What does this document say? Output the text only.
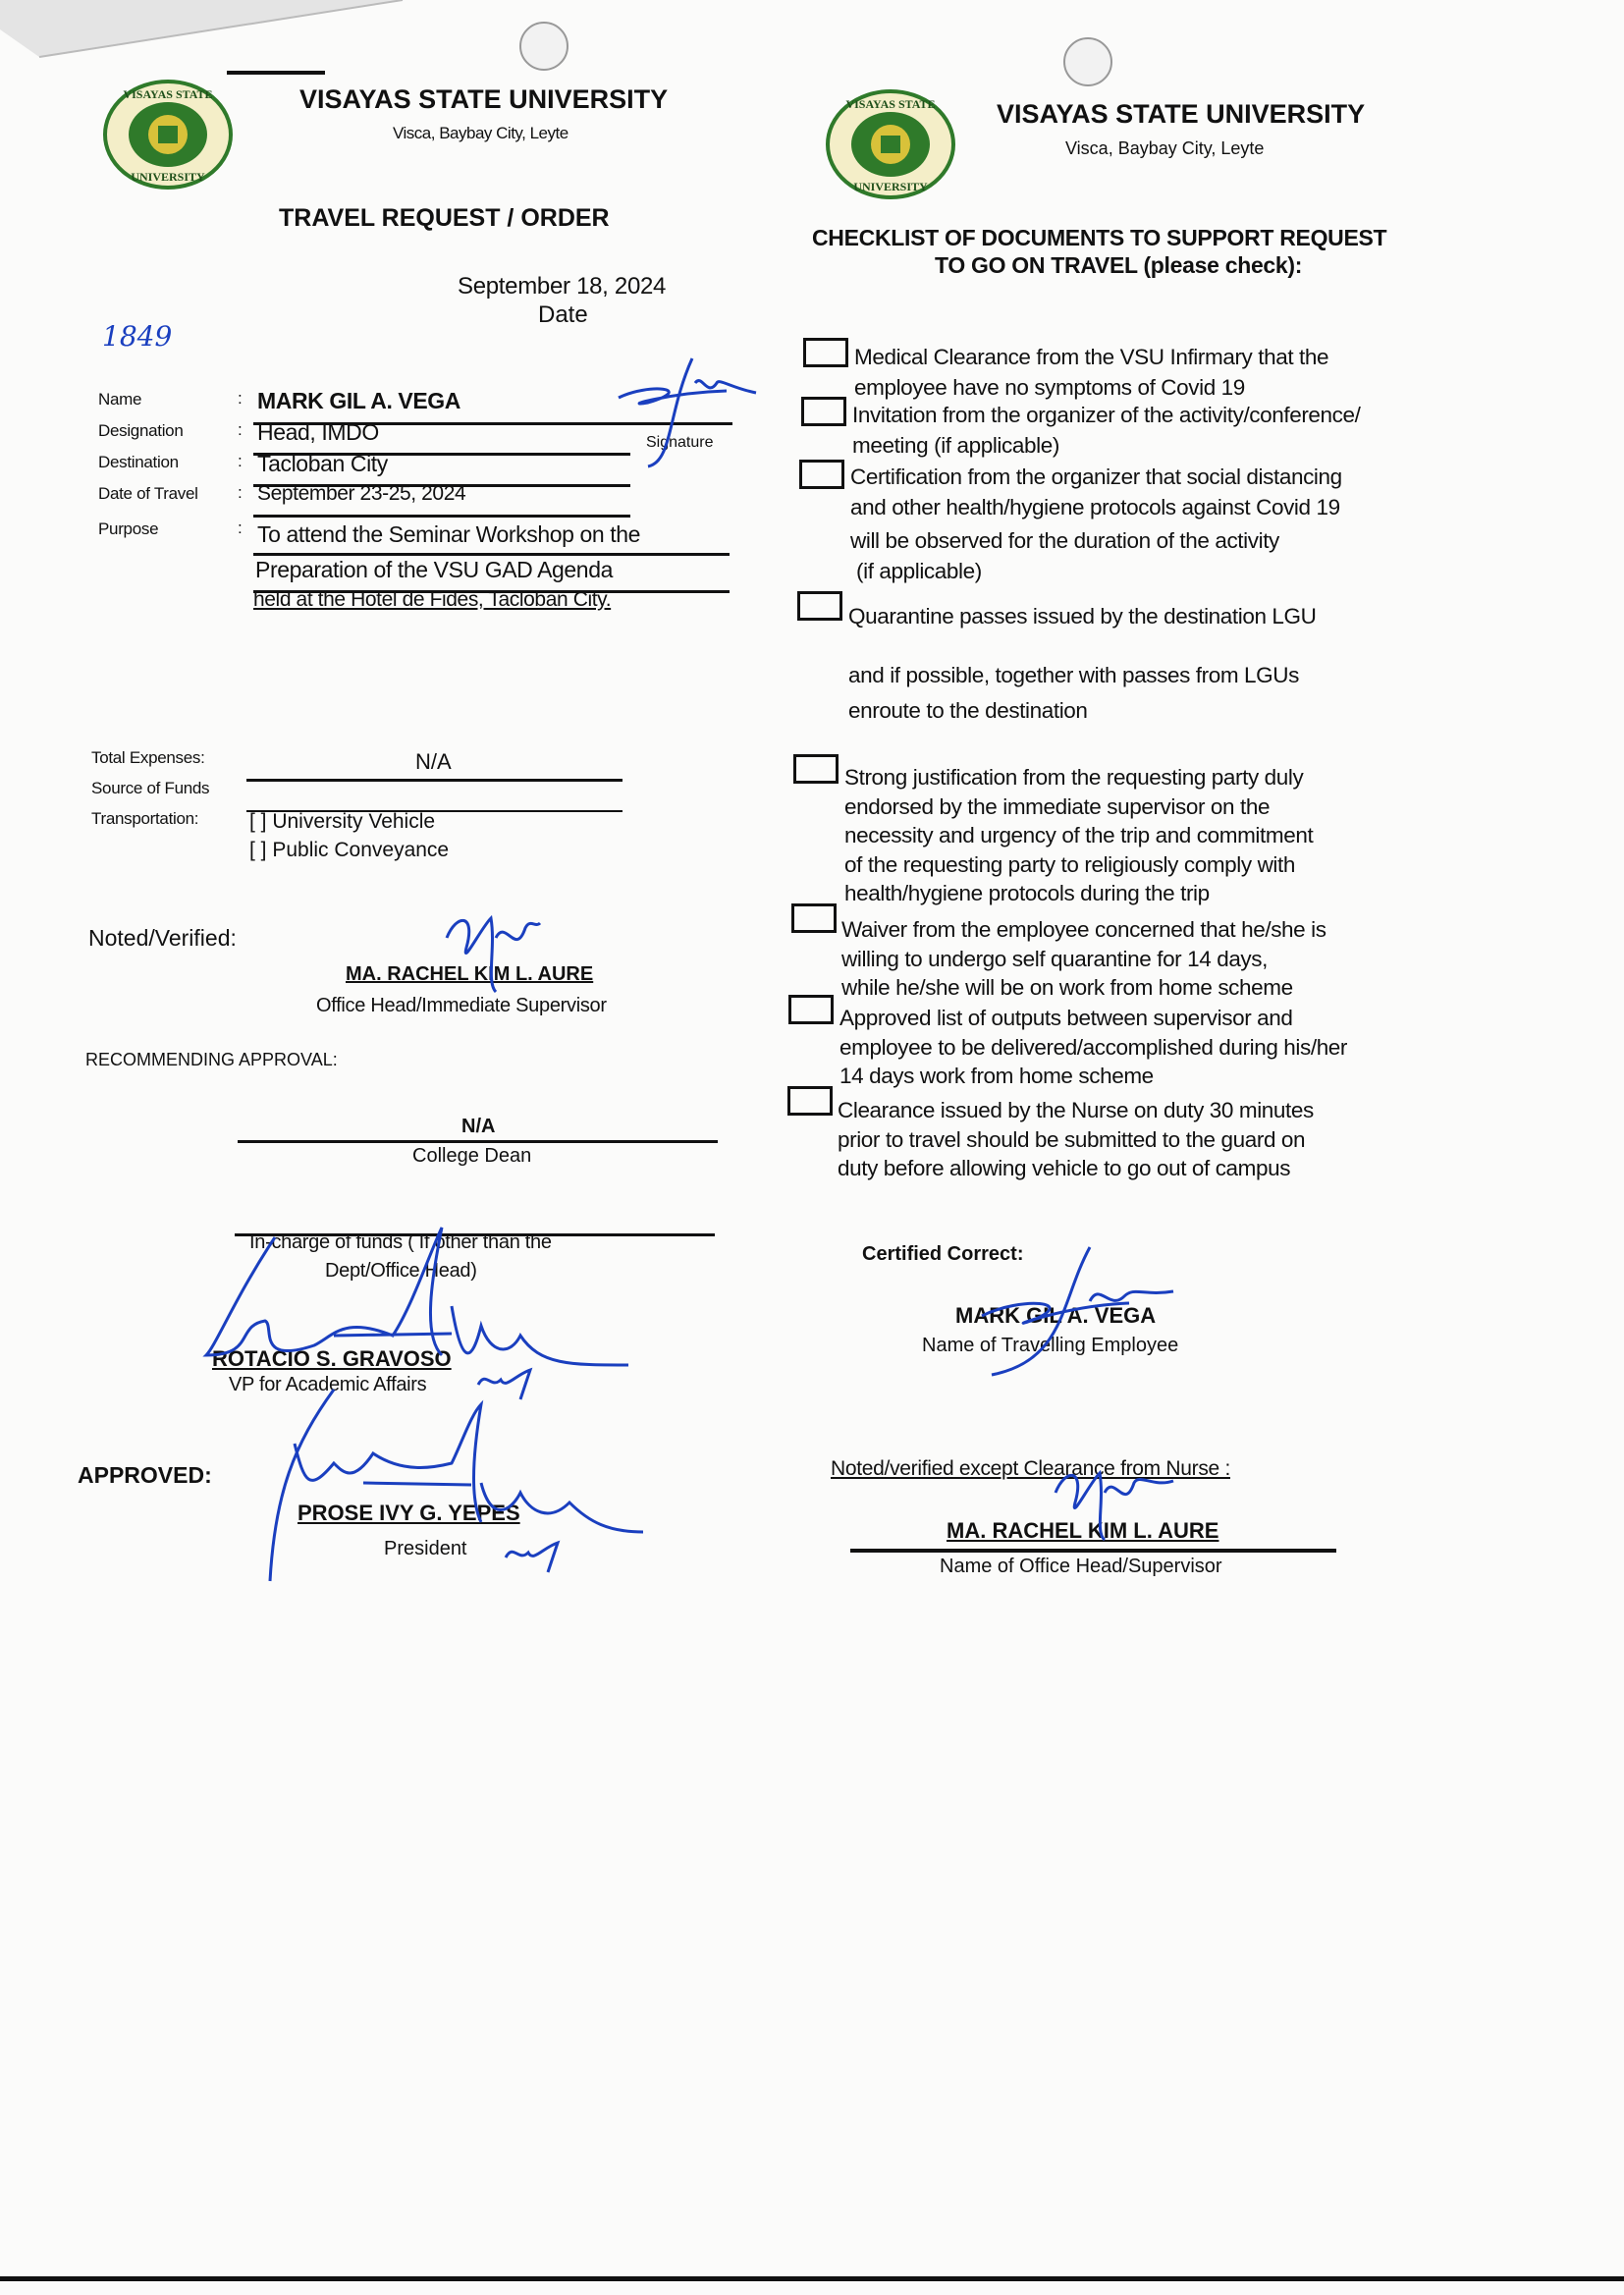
VISAYAS STATE
UNIVERSITY
VISAYAS STATE UNIVERSITY
Visca, Baybay City, Leyte
TRAVEL REQUEST / ORDER
September 18, 2024
Date
1849
Name	: MARK GIL A. VEGA
Designation	: Head, IMDO	Signature
Destination	: Tacloban City
Date of Travel : September 23-25, 2024
Purpose	: To attend the Seminar Workshop on the
Preparation of the VSU GAD Agenda
held at the Hotel de Fides, Tacloban City.
Total Expenses:	N/A
Source of Funds
Transportation: [ ] University Vehicle
[ ] Public Conveyance
Noted/Verified:
MA. RACHEL KIM L. AURE
Office Head/Immediate Supervisor
RECOMMENDING APPROVAL:
N/A
College Dean
In-charge of funds ( If other than the
Dept/Office Head)
ROTACIO S. GRAVOSO
VP for Academic Affairs
APPROVED:
PROSE IVY G. YEPES
President
VISAYAS STATE
UNIVERSITY
VISAYAS STATE UNIVERSITY
Visca, Baybay City, Leyte
CHECKLIST OF DOCUMENTS TO SUPPORT REQUEST
TO GO ON TRAVEL (please check):
Medical Clearance from the VSU Infirmary that the
employee have no symptoms of Covid 19
Invitation from the organizer of the activity/conference/
meeting (if applicable)
Certification from the organizer that social distancing
and other health/hygiene protocols against Covid 19
will be observed for the duration of the activity
(if applicable)
Quarantine passes issued by the destination LGU
and if possible, together with passes from LGUs
enroute to the destination
Strong justification from the requesting party duly
endorsed by the immediate supervisor on the
necessity and urgency of the trip and commitment
of the requesting party to religiously comply with
health/hygiene protocols during the trip
Waiver from the employee concerned that he/she is
willing to undergo self quarantine for 14 days,
while he/she will be on work from home scheme
Approved list of outputs between supervisor and
employee to be delivered/accomplished during his/her
14 days work from home scheme
Clearance issued by the Nurse on duty 30 minutes
prior to travel should be submitted to the guard on
duty before allowing vehicle to go out of campus
Certified Correct:
MARK GIL A. VEGA
Name of Travelling Employee
Noted/verified except Clearance from Nurse :
MA. RACHEL KIM L. AURE
Name of Office Head/Supervisor
